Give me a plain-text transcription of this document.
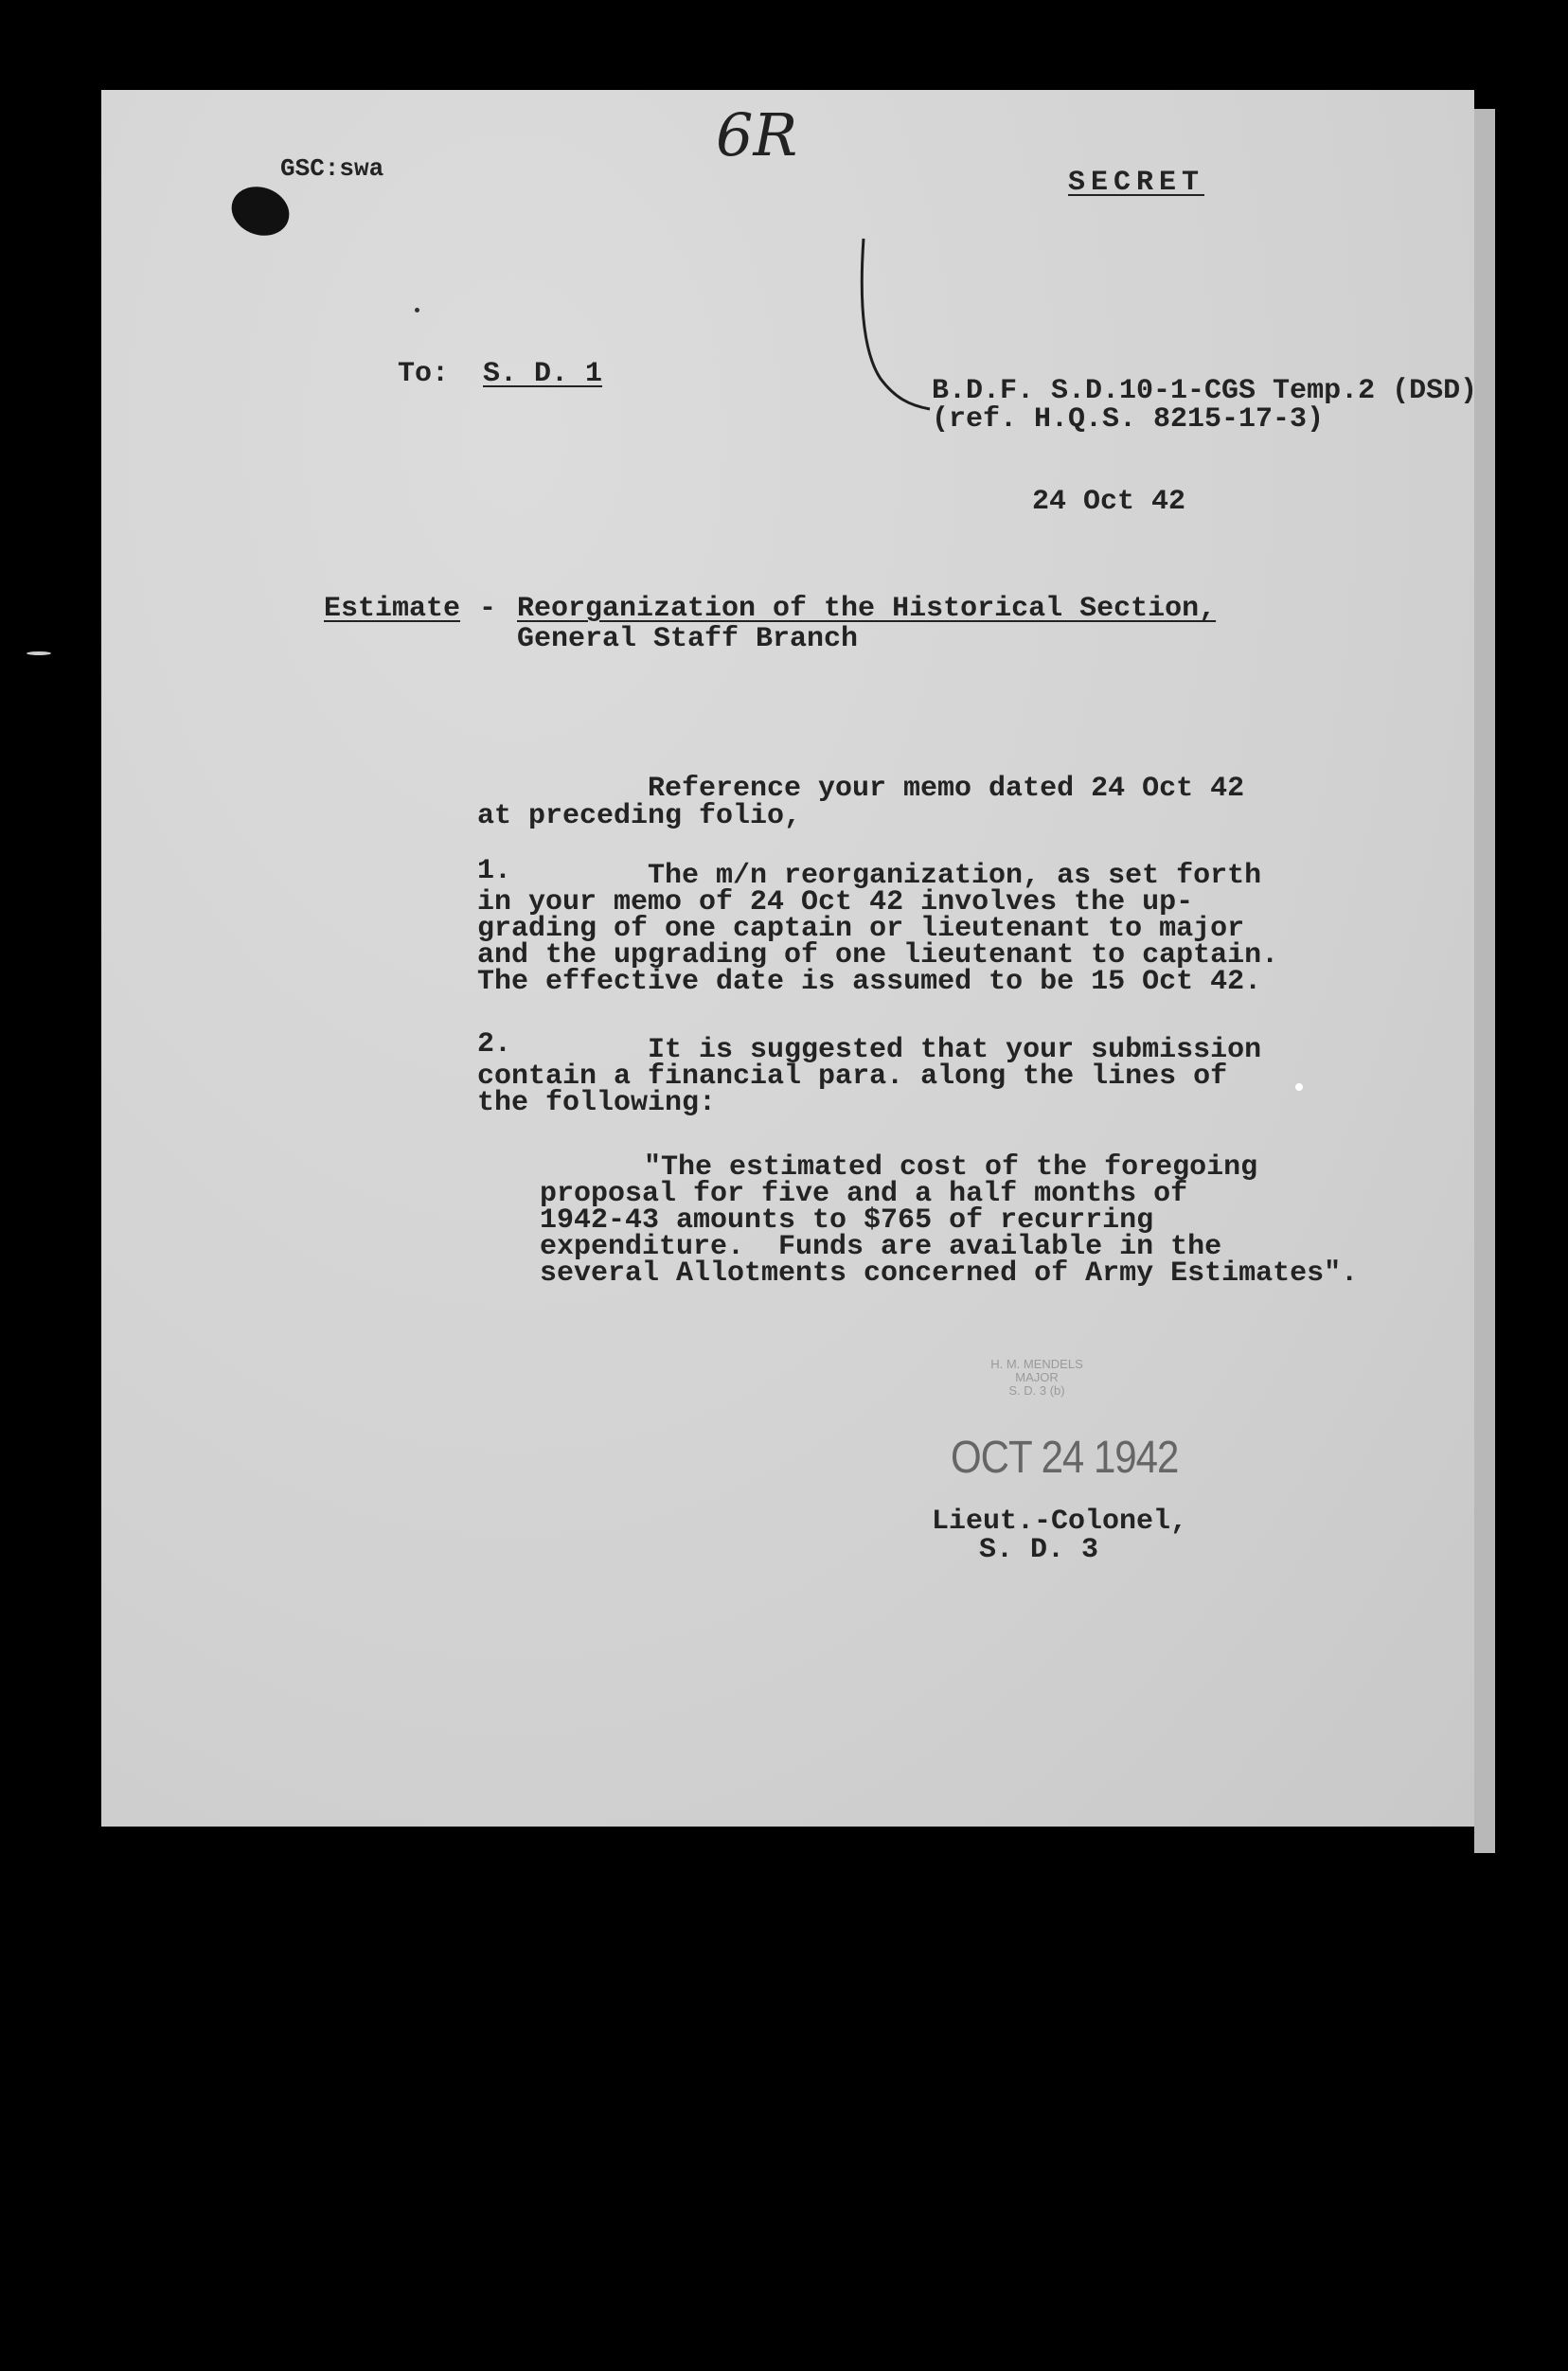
GSC:swa	6R
SECRET
To: S. D. 1
B.D.F. S.D.10-1-CGS Temp.2 (DSD)
(ref. H.Q.S. 8215-17-3)
24 Oct 42
Estimate - Reorganization of the Historical Section,
General Staff Branch
Reference your memo dated 24 Oct 42
at preceding folio,
1.	The m/n reorganization, as set forth
in your memo of 24 Oct 42 involves the up-
grading of one captain or lieutenant to major
and the upgrading of one lieutenant to captain.
The effective date is assumed to be 15 Oct 42.
2.	It is suggested that your submission
contain a financial para. along the lines of
the following:
"The estimated cost of the foregoing
proposal for five and a half months of
1942-43 amounts to $765 of recurring
expenditure.  Funds are available in the
several Allotments concerned of Army Estimates".
H. M. MENDELS
MAJOR
S. D. 3 (b)
OCT 24 1942
Lieut.-Colonel,
S. D. 3
